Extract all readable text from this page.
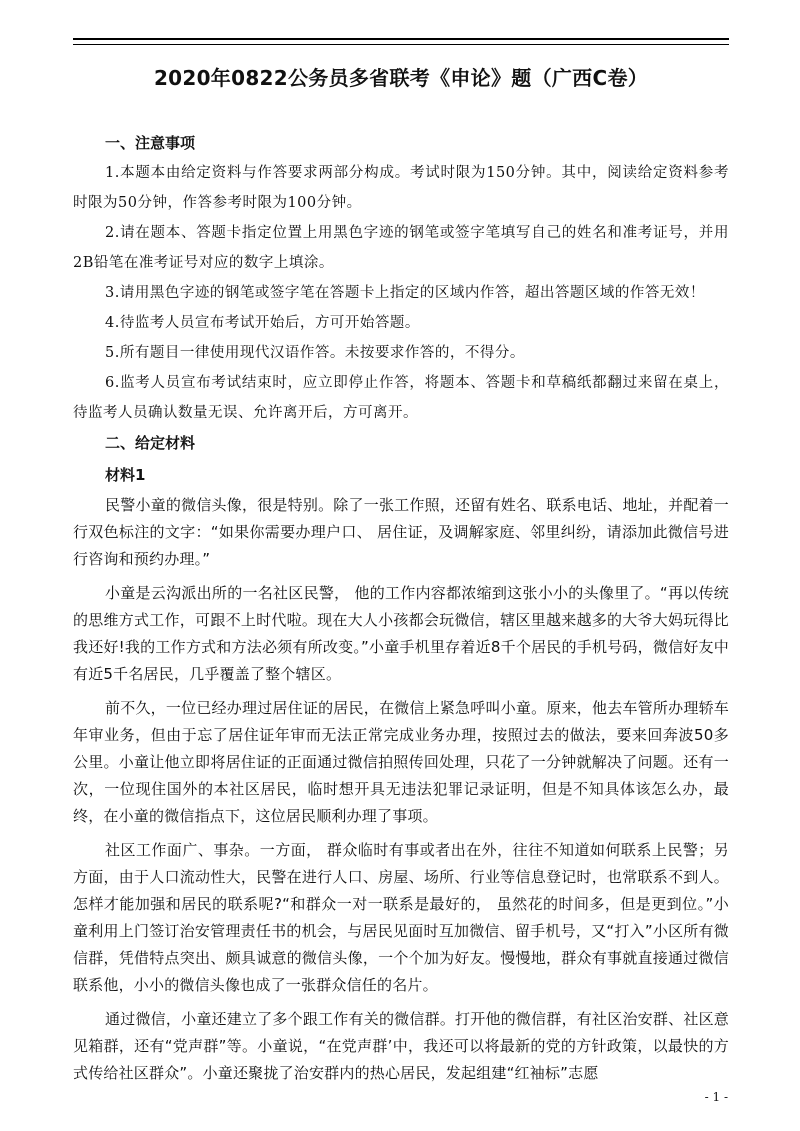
2020年0822公务员多省联考《申论》题（广西C卷）

一、注意事项

1.本题本由给定资料与作答要求两部分构成。考试时限为150分钟。其中，阅读给定资料参考时限为50分钟，作答参考时限为100分钟。

2.请在题本、答题卡指定位置上用黑色字迹的钢笔或签字笔填写自己的姓名和准考证号，并用2B铅笔在准考证号对应的数字上填涂。

3.请用黑色字迹的钢笔或签字笔在答题卡上指定的区域内作答，超出答题区域的作答无效！

4.待监考人员宣布考试开始后，方可开始答题。

5.所有题目一律使用现代汉语作答。未按要求作答的，不得分。

6.监考人员宣布考试结束时，应立即停止作答，将题本、答题卡和草稿纸都翻过来留在桌上，待监考人员确认数量无误、允许离开后，方可离开。

二、给定材料

材料1

民警小童的微信头像，很是特别。除了一张工作照，还留有姓名、联系电话、地址，并配着一行双色标注的文字：“如果你需要办理户口、 居住证，及调解家庭、邻里纠纷，请添加此微信号进行咨询和预约办理。”

小童是云沟派出所的一名社区民警， 他的工作内容都浓缩到这张小小的头像里了。“再以传统的思维方式工作，可跟不上时代啦。现在大人小孩都会玩微信，辖区里越来越多的大爷大妈玩得比我还好!我的工作方式和方法必须有所改变。”小童手机里存着近8千个居民的手机号码，微信好友中有近5千名居民，几乎覆盖了整个辖区。

前不久，一位已经办理过居住证的居民，在微信上紧急呼叫小童。原来，他去车管所办理轿车年审业务，但由于忘了居住证年审而无法正常完成业务办理，按照过去的做法，要来回奔波50多公里。小童让他立即将居住证的正面通过微信拍照传回处理，只花了一分钟就解决了问题。还有一次，一位现住国外的本社区居民，临时想开具无违法犯罪记录证明，但是不知具体该怎么办，最终，在小童的微信指点下，这位居民顺利办理了事项。

社区工作面广、事杂。一方面， 群众临时有事或者出在外，往往不知道如何联系上民警；另方面，由于人口流动性大，民警在进行人口、房屋、场所、行业等信息登记时，也常联系不到人。怎样才能加强和居民的联系呢?“和群众一对一联系是最好的， 虽然花的时间多，但是更到位。”小童利用上门签订治安管理责任书的机会，与居民见面时互加微信、留手机号，又“打入”小区所有微信群，凭借特点突出、颇具诚意的微信头像，一个个加为好友。慢慢地，群众有事就直接通过微信联系他，小小的微信头像也成了一张群众信任的名片。

通过微信，小童还建立了多个跟工作有关的微信群。打开他的微信群，有社区治安群、社区意见箱群，还有“党声群”等。小童说，“在党声群’中，我还可以将最新的党的方针政策，以最快的方式传给社区群众”。小童还聚拢了治安群内的热心居民，发起组建“红袖标”志愿

- 1 -
